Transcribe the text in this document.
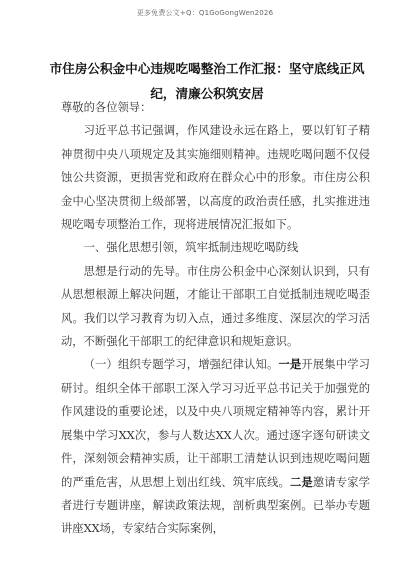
更多免费公文+Q：Q1GoGongWen2026
市住房公积金中心违规吃喝整治工作汇报：坚守底线正风纪，清廉公积筑安居

尊敬的各位领导：

习近平总书记强调，作风建设永远在路上，要以钉钉子精神贯彻中央八项规定及其实施细则精神。违规吃喝问题不仅侵蚀公共资源，更损害党和政府在群众心中的形象。市住房公积金中心坚决贯彻上级部署，以高度的政治责任感，扎实推进违规吃喝专项整治工作，现将进展情况汇报如下。

一、强化思想引领，筑牢抵制违规吃喝防线

思想是行动的先导。市住房公积金中心深刻认识到，只有从思想根源上解决问题，才能让干部职工自觉抵制违规吃喝歪风。我们以学习教育为切入点，通过多维度、深层次的学习活动，不断强化干部职工的纪律意识和规矩意识。

（一）组织专题学习，增强纪律认知。一是开展集中学习研讨。组织全体干部职工深入学习习近平总书记关于加强党的作风建设的重要论述，以及中央八项规定精神等内容，累计开展集中学习XX次，参与人数达XX人次。通过逐字逐句研读文件，深刻领会精神实质，让干部职工清楚认识到违规吃喝问题的严重危害，从思想上划出红线、筑牢底线。二是邀请专家学者进行专题讲座，解读政策法规，剖析典型案例。已举办专题讲座XX场，专家结合实际案例，
